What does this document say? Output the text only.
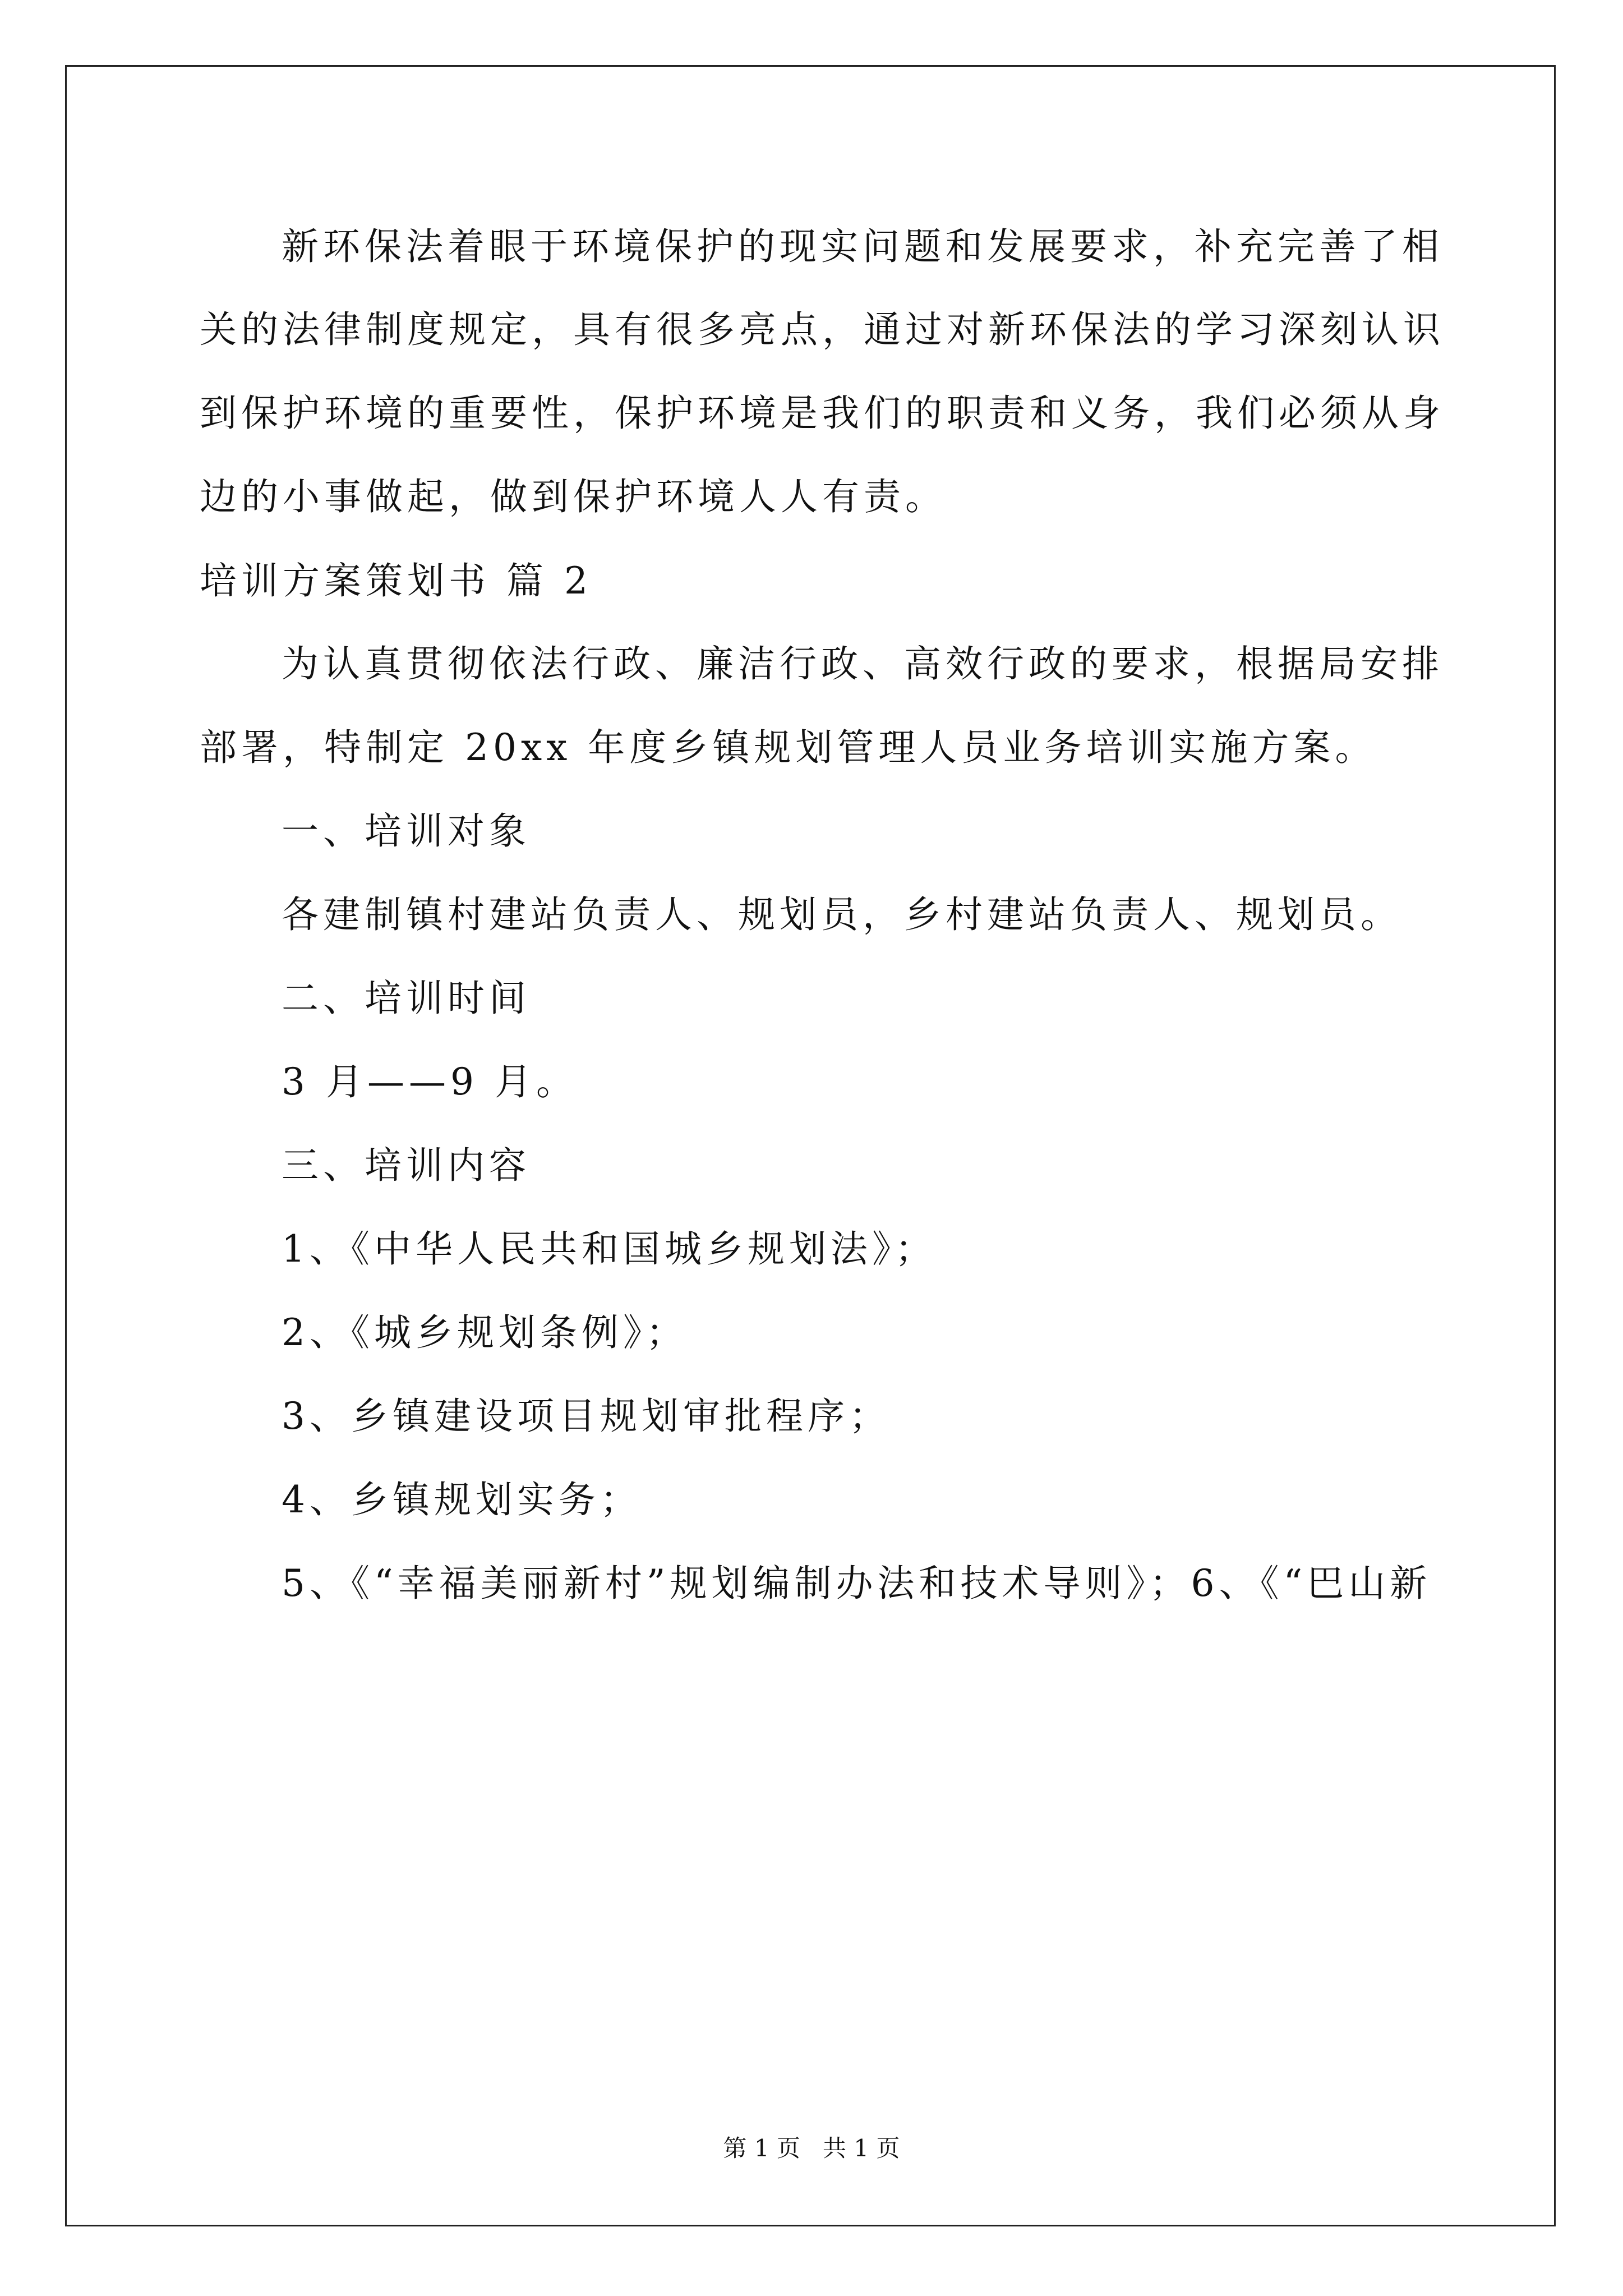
新环保法着眼于环境保护的现实问题和发展要求，补充完善了相
关的法律制度规定，具有很多亮点，通过对新环保法的学习深刻认识
到保护环境的重要性，保护环境是我们的职责和义务，我们必须从身
边的小事做起，做到保护环境人人有责。
培训方案策划书 篇 2
为认真贯彻依法行政、廉洁行政、高效行政的要求，根据局安排
部署，特制定 20xx 年度乡镇规划管理人员业务培训实施方案。
一、培训对象
各建制镇村建站负责人、规划员，乡村建站负责人、规划员。
二、培训时间
3 月——9 月。
三、培训内容
1、《中华人民共和国城乡规划法》；
2、《城乡规划条例》；
3、乡镇建设项目规划审批程序；
4、乡镇规划实务；
5、《“幸福美丽新村”规划编制办法和技术导则》；6、《“巴山新
第 1 页   共 1 页
